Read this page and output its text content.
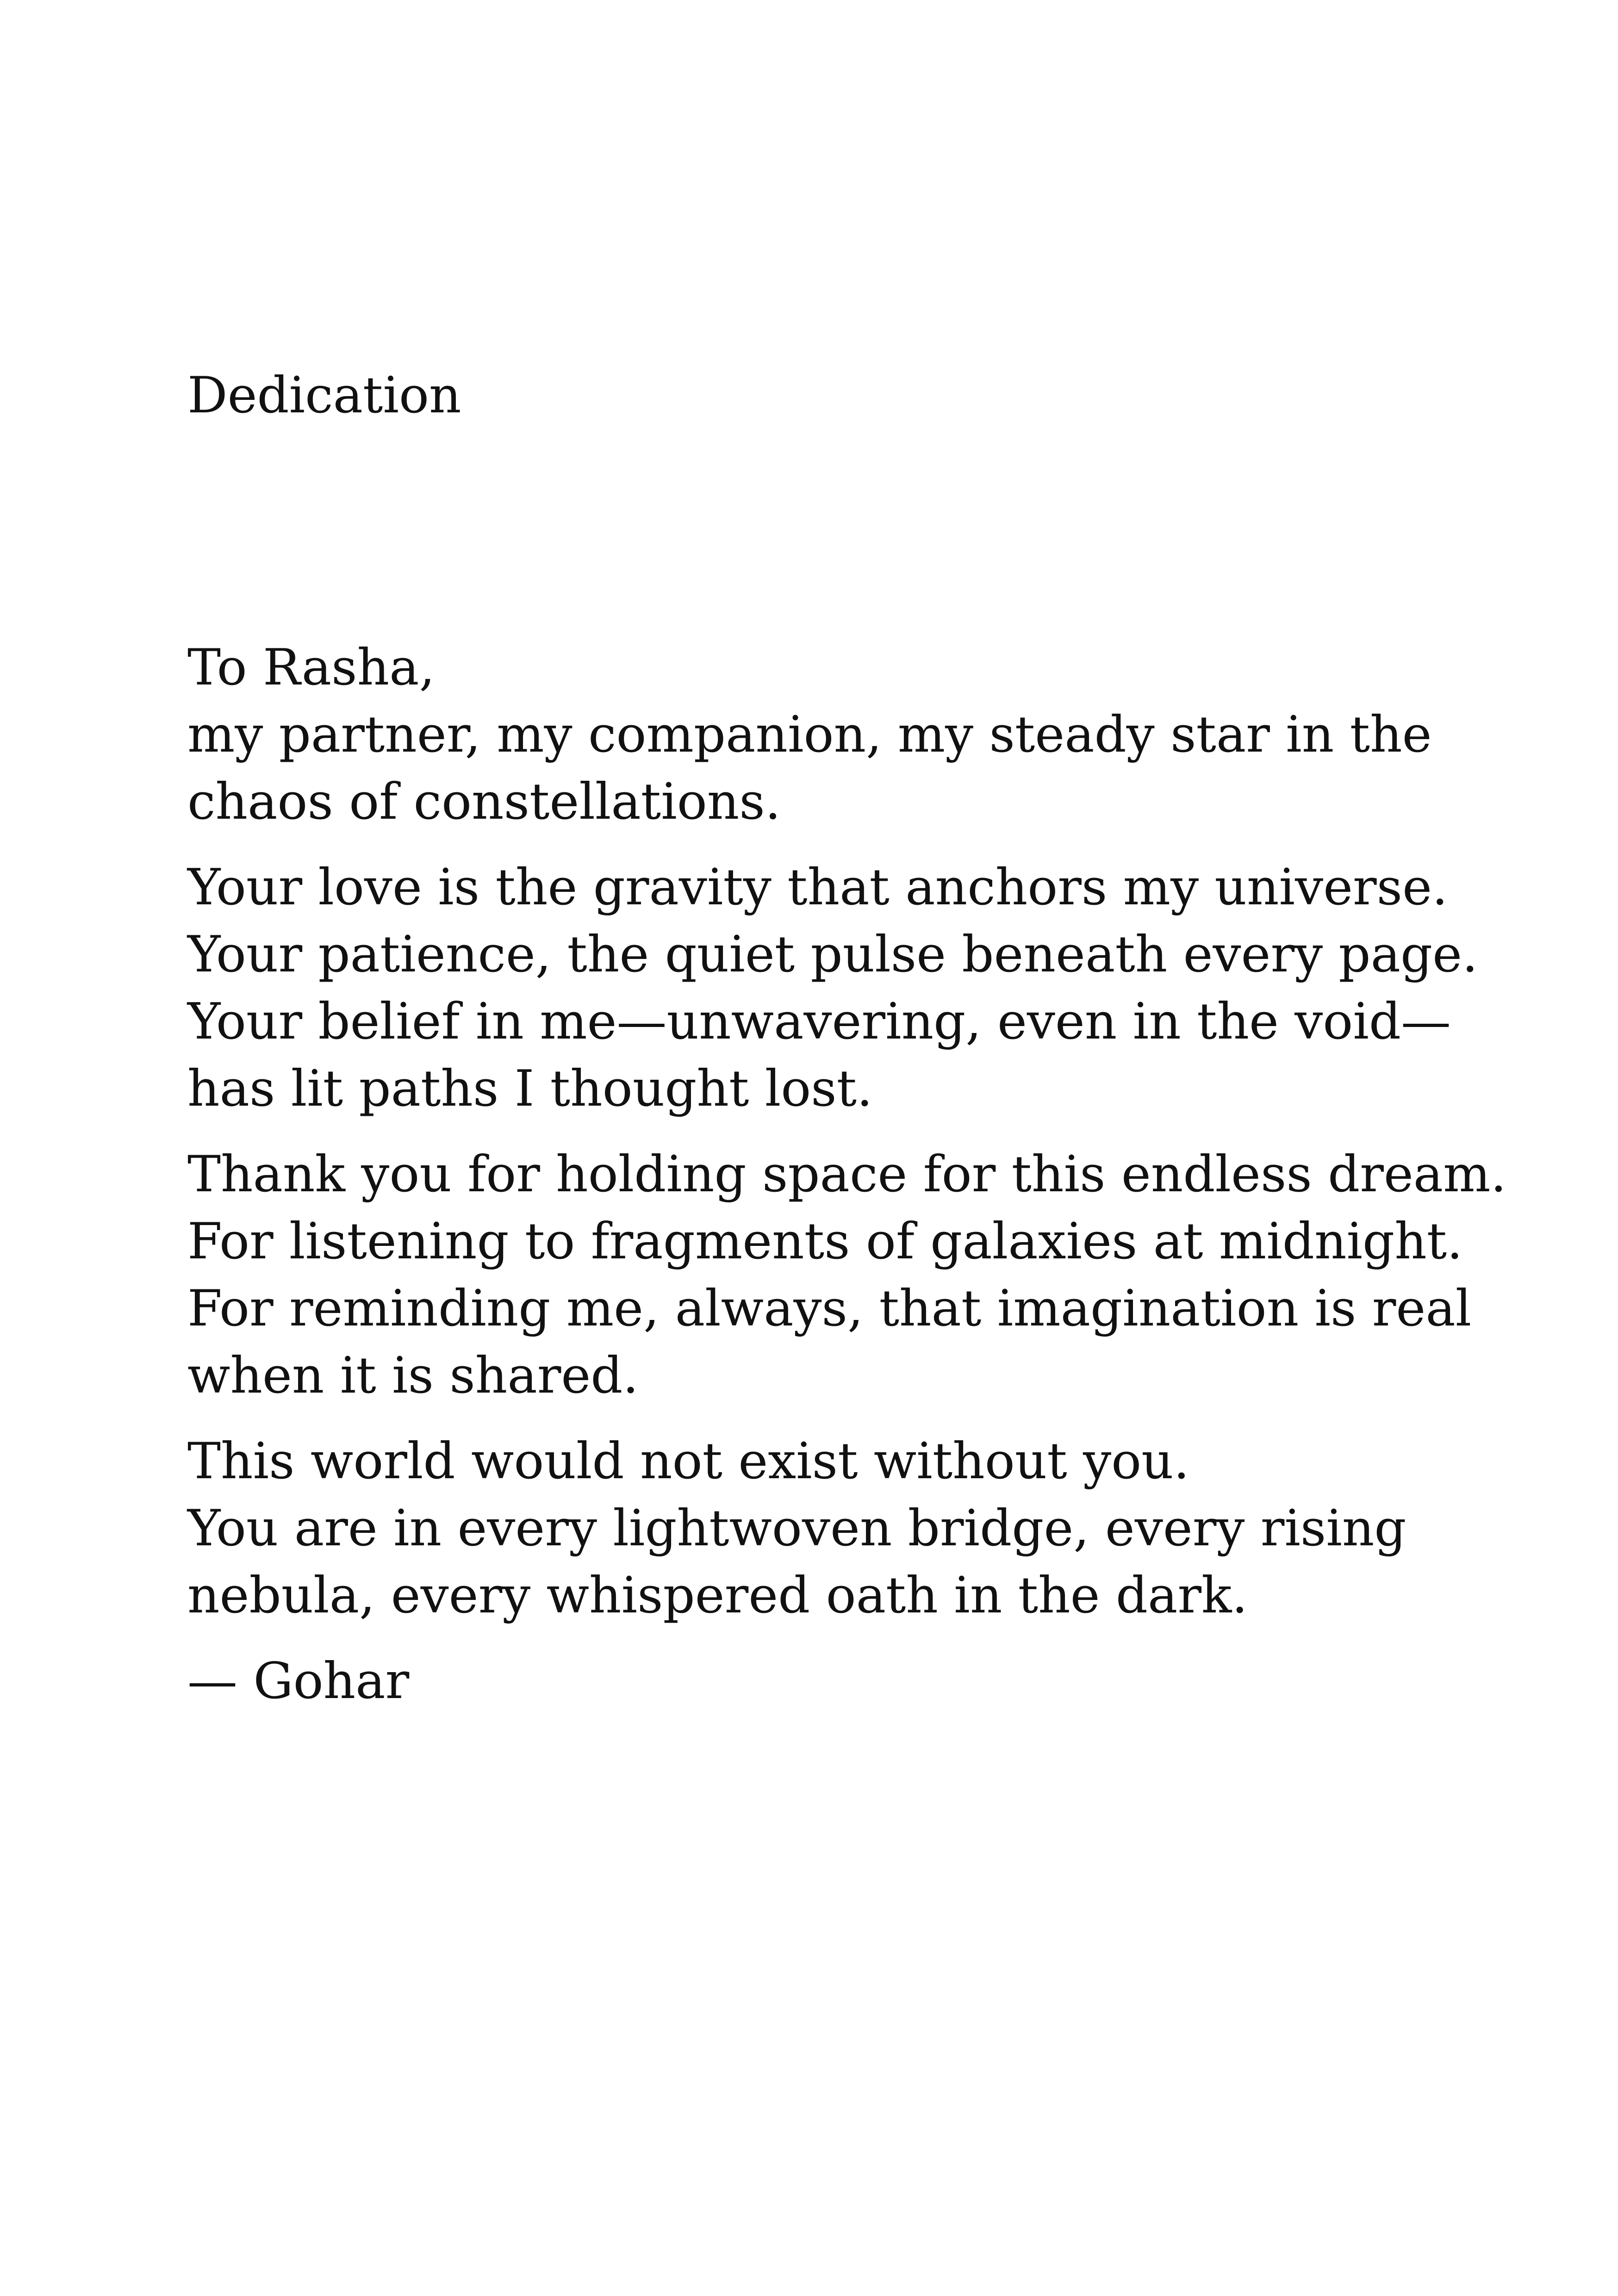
Dedication

To Rasha,
my partner, my companion, my steady star in the
chaos of constellations.

Your love is the gravity that anchors my universe.
Your patience, the quiet pulse beneath every page.
Your belief in me—unwavering, even in the void—
has lit paths I thought lost.

Thank you for holding space for this endless dream.
For listening to fragments of galaxies at midnight.
For reminding me, always, that imagination is real
when it is shared.

This world would not exist without you.
You are in every lightwoven bridge, every rising
nebula, every whispered oath in the dark.

— Gohar
